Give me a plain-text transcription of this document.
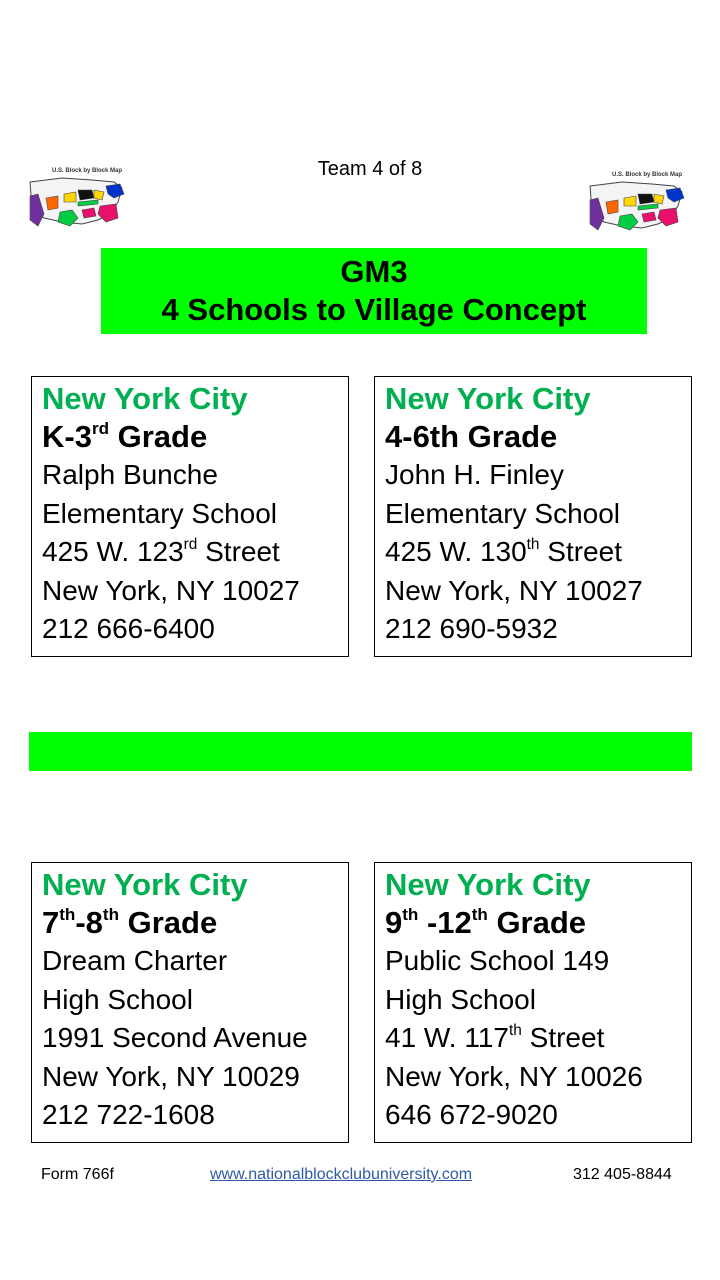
Team 4 of 8
U.S. Block by Block Map
U.S. Block by Block Map
GM3
4 Schools to Village Concept
New York City
K-3rd Grade
Ralph Bunche
Elementary School
425 W. 123rd Street
New York, NY 10027
212 666-6400
New York City
4-6th Grade
John H. Finley
Elementary School
425 W. 130th Street
New York, NY 10027
212 690-5932
New York City
7th-8th Grade
Dream Charter
High School
1991 Second Avenue
New York, NY 10029
212 722-1608
New York City
9th -12th Grade
Public School 149
High School
41 W. 117th Street
New York, NY 10026
646 672-9020
Form 766f	www.nationalblockclubuniversity.com	312 405-8844
